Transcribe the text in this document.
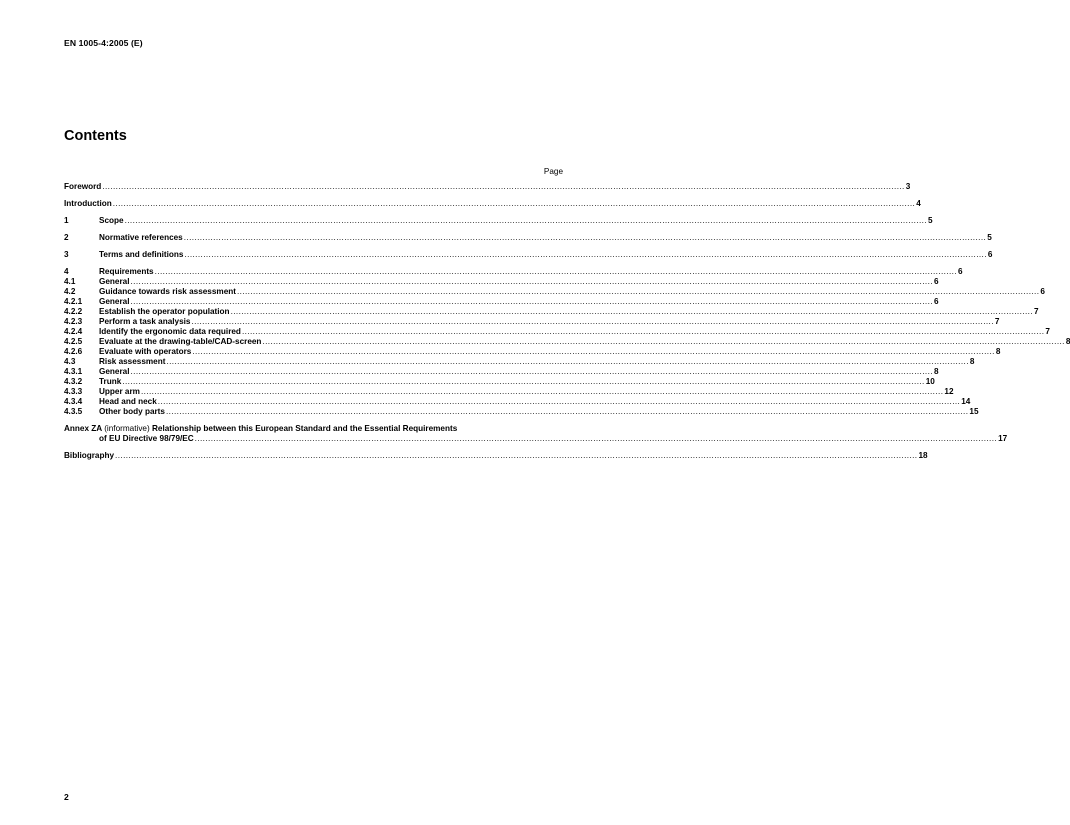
EN 1005-4:2005 (E)
Contents
Page
Foreword ............................................................................................................................................................................................................................................................................................................ 3
Introduction ............................................................................................................................................................................................................................................................................................................ 4
1	Scope ............................................................................................................................................................................................................................................................................................................ 5
2	Normative references ............................................................................................................................................................................................................................................................................................................ 5
3	Terms and definitions ............................................................................................................................................................................................................................................................................................................ 6
4	Requirements ............................................................................................................................................................................................................................................................................................................ 6
4.1	General ............................................................................................................................................................................................................................................................................................................ 6
4.2	Guidance towards risk assessment ............................................................................................................................................................................................................................................................................................................ 6
4.2.1	General ............................................................................................................................................................................................................................................................................................................ 6
4.2.2	Establish the operator population ............................................................................................................................................................................................................................................................................................................ 7
4.2.3	Perform a task analysis ............................................................................................................................................................................................................................................................................................................ 7
4.2.4	Identify the ergonomic data required ............................................................................................................................................................................................................................................................................................................ 7
4.2.5	Evaluate at the drawing-table/CAD-screen ............................................................................................................................................................................................................................................................................................................ 8
4.2.6	Evaluate with operators ............................................................................................................................................................................................................................................................................................................ 8
4.3	Risk assessment ............................................................................................................................................................................................................................................................................................................ 8
4.3.1	General ............................................................................................................................................................................................................................................................................................................ 8
4.3.2	Trunk ............................................................................................................................................................................................................................................................................................................ 10
4.3.3	Upper arm ............................................................................................................................................................................................................................................................................................................ 12
4.3.4	Head and neck ............................................................................................................................................................................................................................................................................................................ 14
4.3.5	Other body parts ............................................................................................................................................................................................................................................................................................................ 15
Annex ZA (informative) Relationship between this European Standard and the Essential Requirements
of EU Directive 98/79/EC ............................................................................................................................................................................................................................................................................................................ 17
Bibliography ............................................................................................................................................................................................................................................................................................................ 18
2
